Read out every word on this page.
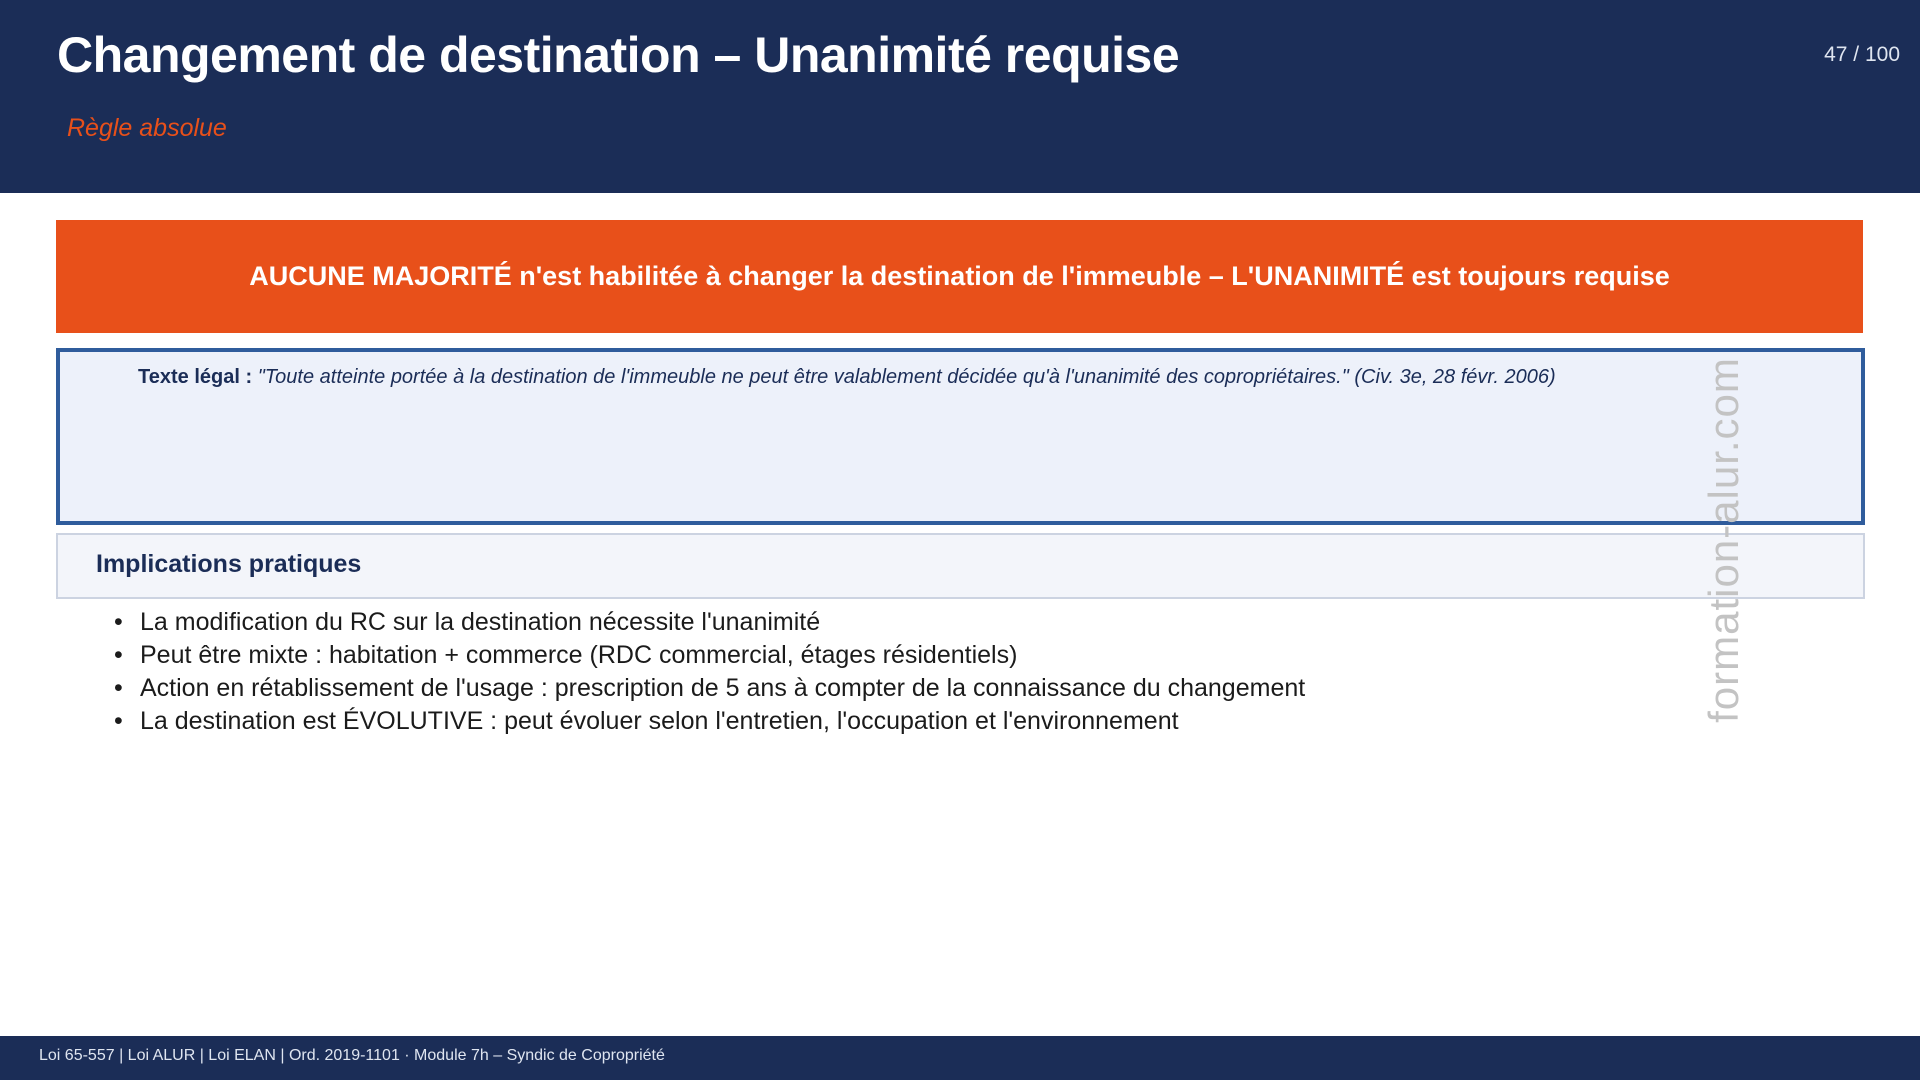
Changement de destination – Unanimité requise
Règle absolue
47 / 100
AUCUNE MAJORITÉ n'est habilitée à changer la destination de l'immeuble – L'UNANIMITÉ est toujours requise
Texte légal : "Toute atteinte portée à la destination de l'immeuble ne peut être valablement décidée qu'à l'unanimité des copropriétaires." (Civ. 3e, 28 févr. 2006)
Implications pratiques
• La modification du RC sur la destination nécessite l'unanimité
• Peut être mixte : habitation + commerce (RDC commercial, étages résidentiels)
• Action en rétablissement de l'usage : prescription de 5 ans à compter de la connaissance du changement
• La destination est ÉVOLUTIVE : peut évoluer selon l'entretien, l'occupation et l'environnement	formation-alur.com
Loi 65-557 | Loi ALUR | Loi ELAN | Ord. 2019-1101 · Module 7h – Syndic de Copropriété
